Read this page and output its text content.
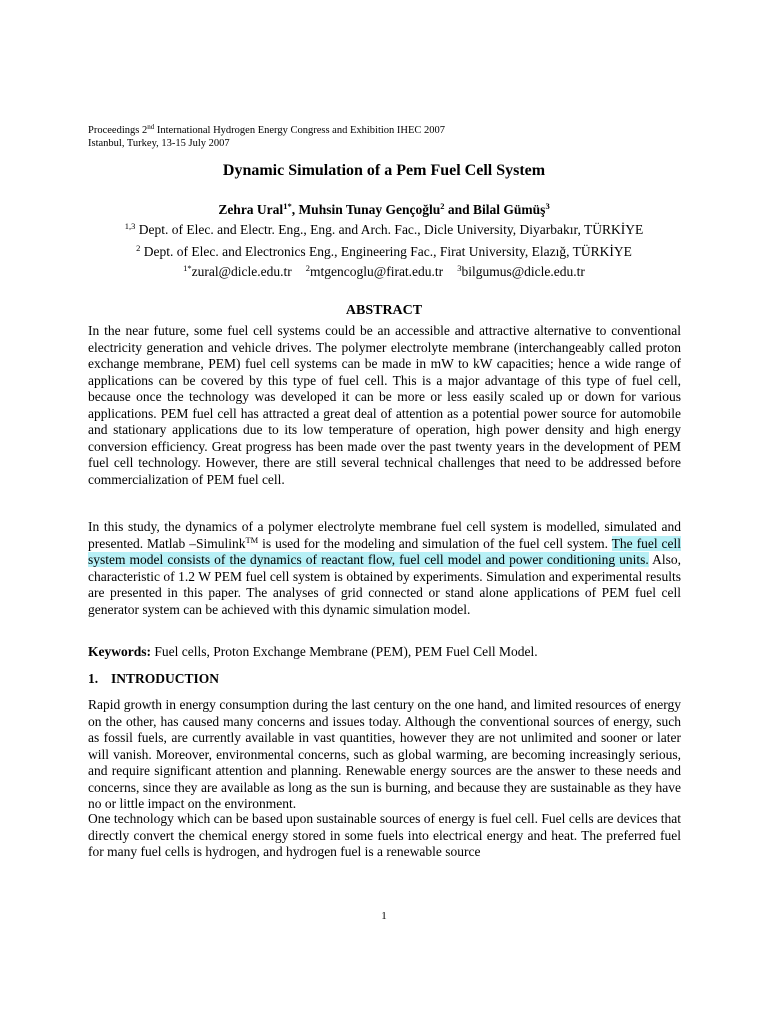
Proceedings 2nd International Hydrogen Energy Congress and Exhibition IHEC 2007
Istanbul, Turkey, 13-15 July 2007
Dynamic Simulation of a Pem Fuel Cell System
Zehra Ural$^{1*}$, Muhsin Tunay Gençoğlu$^2$ and Bilal Gümüş$^3$
$^{1,3}$ Dept. of Elec. and Electr. Eng., Eng. and Arch. Fac., Dicle University, Diyarbakır, TÜRKİYE
$^2$ Dept. of Elec. and Electronics Eng., Engineering Fac., Firat University, Elazığ, TÜRKİYE
$^{1*}$zural@dicle.edu.tr $^2$mtgencoglu@firat.edu.tr $^3$bilgumus@dicle.edu.tr
ABSTRACT
In the near future, some fuel cell systems could be an accessible and attractive alternative to conventional electricity generation and vehicle drives. The polymer electrolyte membrane (interchangeably called proton exchange membrane, PEM) fuel cell systems can be made in mW to kW capacities; hence a wide range of applications can be covered by this type of fuel cell. This is a major advantage of this type of fuel cell, because once the technology was developed it can be more or less easily scaled up or down for various applications. PEM fuel cell has attracted a great deal of attention as a potential power source for automobile and stationary applications due to its low temperature of operation, high power density and high energy conversion efficiency. Great progress has been made over the past twenty years in the development of PEM fuel cell technology. However, there are still several technical challenges that need to be addressed before commercialization of PEM fuel cell.
In this study, the dynamics of a polymer electrolyte membrane fuel cell system is modelled, simulated and presented. Matlab –Simulink™ is used for the modeling and simulation of the fuel cell system. The fuel cell system model consists of the dynamics of reactant flow, fuel cell model and power conditioning units. Also, characteristic of 1.2 W PEM fuel cell system is obtained by experiments. Simulation and experimental results are presented in this paper. The analyses of grid connected or stand alone applications of PEM fuel cell generator system can be achieved with this dynamic simulation model.
Keywords: Fuel cells, Proton Exchange Membrane (PEM), PEM Fuel Cell Model.
1. INTRODUCTION
Rapid growth in energy consumption during the last century on the one hand, and limited resources of energy on the other, has caused many concerns and issues today. Although the conventional sources of energy, such as fossil fuels, are currently available in vast quantities, however they are not unlimited and sooner or later will vanish. Moreover, environmental concerns, such as global warming, are becoming increasingly serious, and require significant attention and planning. Renewable energy sources are the answer to these needs and concerns, since they are available as long as the sun is burning, and because they are sustainable as they have no or little impact on the environment.
One technology which can be based upon sustainable sources of energy is fuel cell. Fuel cells are devices that directly convert the chemical energy stored in some fuels into electrical energy and heat. The preferred fuel for many fuel cells is hydrogen, and hydrogen fuel is a renewable source
1
